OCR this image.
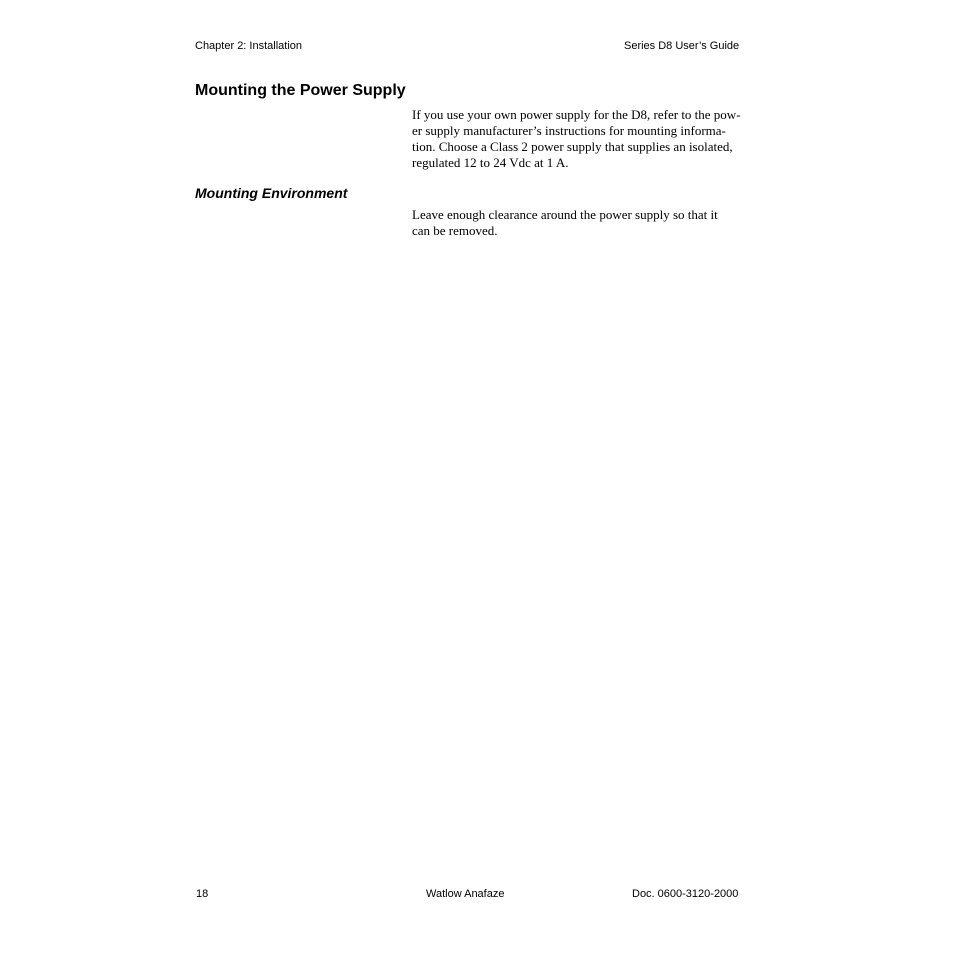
Chapter 2: Installation	Series D8 User’s Guide
Mounting the Power Supply
If you use your own power supply for the D8, refer to the pow-
er supply manufacturer’s instructions for mounting informa-
tion. Choose a Class 2 power supply that supplies an isolated,
regulated 12 to 24 Vdc at 1 A.
Mounting Environment
Leave enough clearance around the power supply so that it
can be removed.
18	Watlow Anafaze	Doc. 0600-3120-2000
